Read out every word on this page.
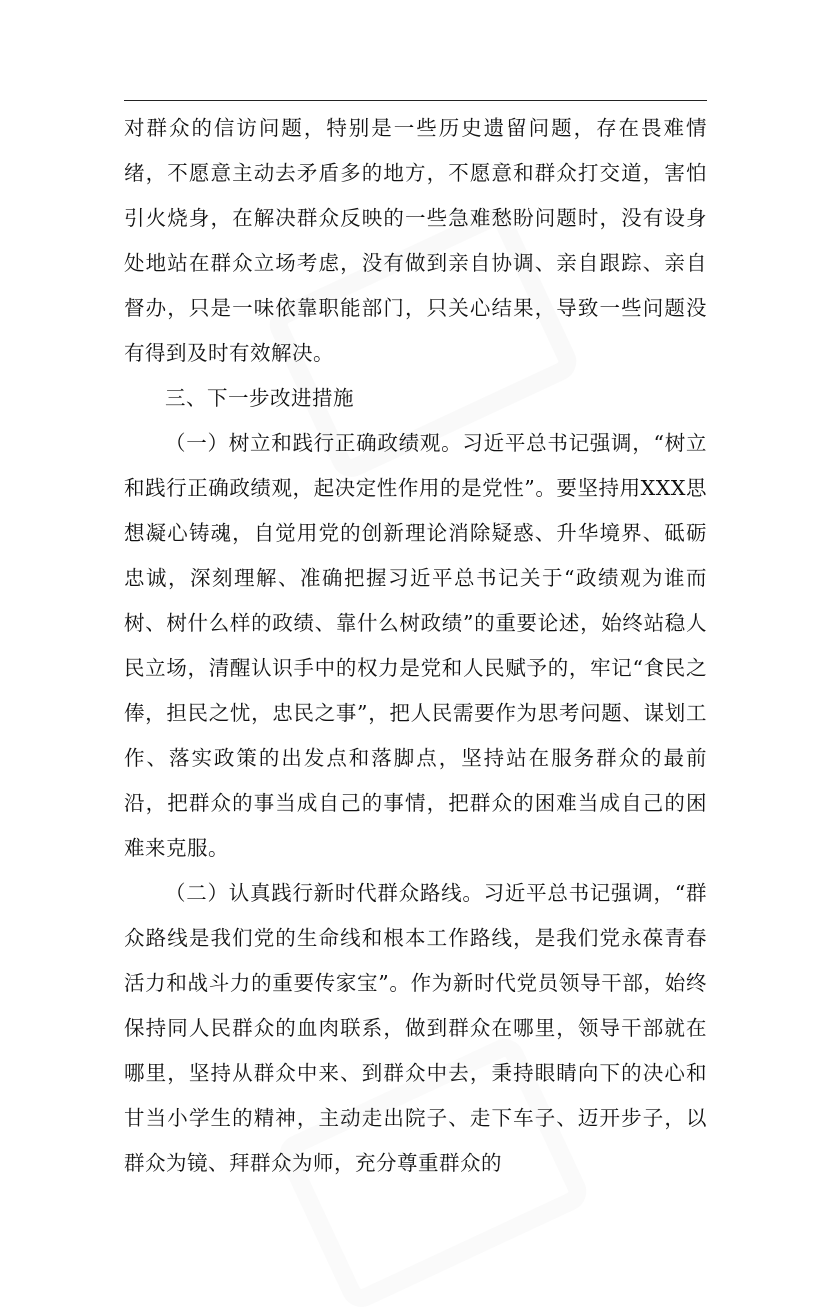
对群众的信访问题，特别是一些历史遗留问题，存在畏难情绪，不愿意主动去矛盾多的地方，不愿意和群众打交道，害怕引火烧身，在解决群众反映的一些急难愁盼问题时，没有设身处地站在群众立场考虑，没有做到亲自协调、亲自跟踪、亲自督办，只是一味依靠职能部门，只关心结果，导致一些问题没有得到及时有效解决。

三、下一步改进措施

（一）树立和践行正确政绩观。习近平总书记强调，“树立和践行正确政绩观，起决定性作用的是党性”。要坚持用XXX思想凝心铸魂，自觉用党的创新理论消除疑惑、升华境界、砥砺忠诚，深刻理解、准确把握习近平总书记关于“政绩观为谁而树、树什么样的政绩、靠什么树政绩”的重要论述，始终站稳人民立场，清醒认识手中的权力是党和人民赋予的，牢记“食民之俸，担民之忧，忠民之事”，把人民需要作为思考问题、谋划工作、落实政策的出发点和落脚点，坚持站在服务群众的最前沿，把群众的事当成自己的事情，把群众的困难当成自己的困难来克服。

（二）认真践行新时代群众路线。习近平总书记强调，“群众路线是我们党的生命线和根本工作路线，是我们党永葆青春活力和战斗力的重要传家宝”。作为新时代党员领导干部，始终保持同人民群众的血肉联系，做到群众在哪里，领导干部就在哪里，坚持从群众中来、到群众中去，秉持眼睛向下的决心和甘当小学生的精神，主动走出院子、走下车子、迈开步子，以群众为镜、拜群众为师，充分尊重群众的
